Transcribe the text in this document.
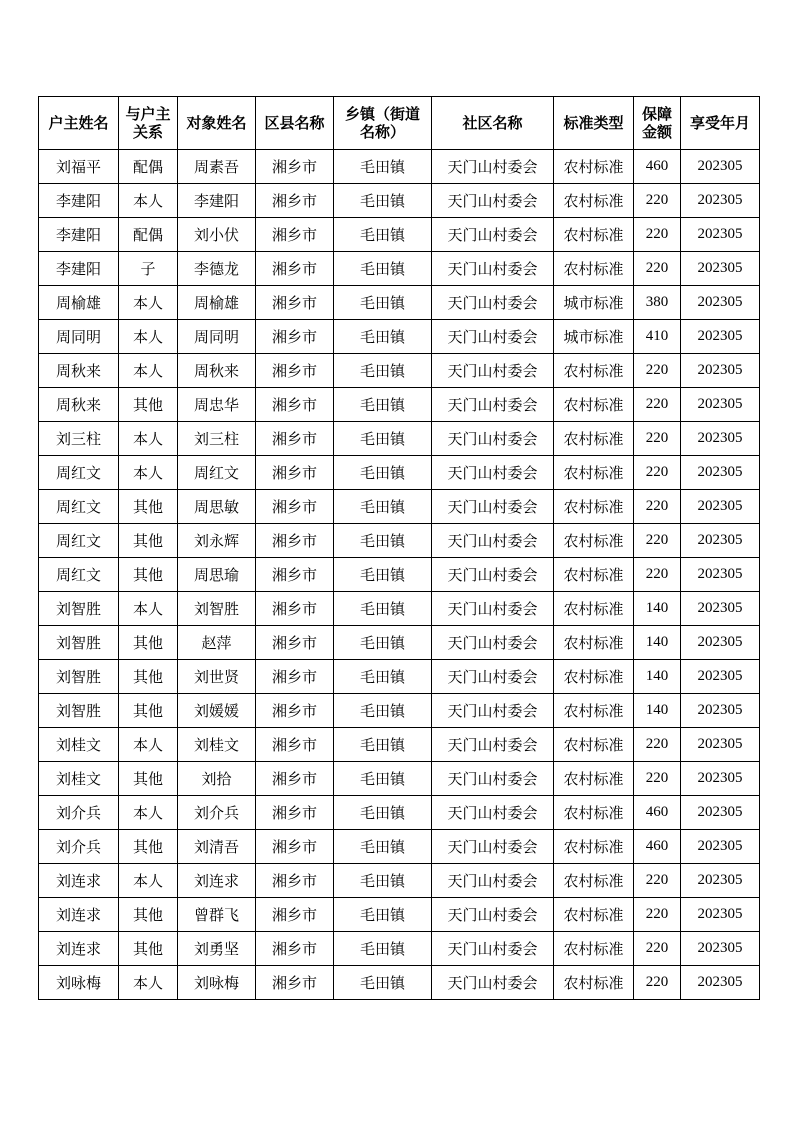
户主姓名	与户主关系	对象姓名	区县名称	乡镇（街道名称）	社区名称	标准类型	保障金额	享受年月
刘福平	配偶	周素吾	湘乡市	毛田镇	天门山村委会	农村标准	460	202305
李建阳	本人	李建阳	湘乡市	毛田镇	天门山村委会	农村标准	220	202305
李建阳	配偶	刘小伏	湘乡市	毛田镇	天门山村委会	农村标准	220	202305
李建阳	子	李德龙	湘乡市	毛田镇	天门山村委会	农村标准	220	202305
周榆雄	本人	周榆雄	湘乡市	毛田镇	天门山村委会	城市标准	380	202305
周同明	本人	周同明	湘乡市	毛田镇	天门山村委会	城市标准	410	202305
周秋来	本人	周秋来	湘乡市	毛田镇	天门山村委会	农村标准	220	202305
周秋来	其他	周忠华	湘乡市	毛田镇	天门山村委会	农村标准	220	202305
刘三柱	本人	刘三柱	湘乡市	毛田镇	天门山村委会	农村标准	220	202305
周红文	本人	周红文	湘乡市	毛田镇	天门山村委会	农村标准	220	202305
周红文	其他	周思敏	湘乡市	毛田镇	天门山村委会	农村标准	220	202305
周红文	其他	刘永辉	湘乡市	毛田镇	天门山村委会	农村标准	220	202305
周红文	其他	周思瑜	湘乡市	毛田镇	天门山村委会	农村标准	220	202305
刘智胜	本人	刘智胜	湘乡市	毛田镇	天门山村委会	农村标准	140	202305
刘智胜	其他	赵萍	湘乡市	毛田镇	天门山村委会	农村标准	140	202305
刘智胜	其他	刘世贤	湘乡市	毛田镇	天门山村委会	农村标准	140	202305
刘智胜	其他	刘媛媛	湘乡市	毛田镇	天门山村委会	农村标准	140	202305
刘桂文	本人	刘桂文	湘乡市	毛田镇	天门山村委会	农村标准	220	202305
刘桂文	其他	刘拾	湘乡市	毛田镇	天门山村委会	农村标准	220	202305
刘介兵	本人	刘介兵	湘乡市	毛田镇	天门山村委会	农村标准	460	202305
刘介兵	其他	刘清吾	湘乡市	毛田镇	天门山村委会	农村标准	460	202305
刘连求	本人	刘连求	湘乡市	毛田镇	天门山村委会	农村标准	220	202305
刘连求	其他	曾群飞	湘乡市	毛田镇	天门山村委会	农村标准	220	202305
刘连求	其他	刘勇坚	湘乡市	毛田镇	天门山村委会	农村标准	220	202305
刘咏梅	本人	刘咏梅	湘乡市	毛田镇	天门山村委会	农村标准	220	202305
